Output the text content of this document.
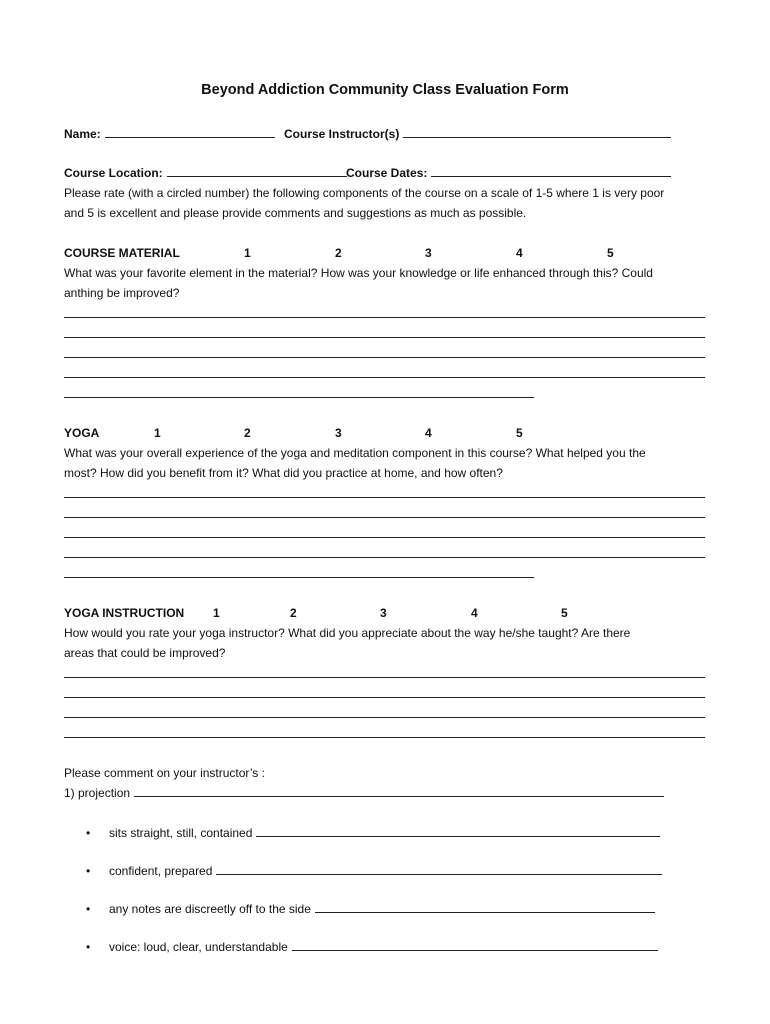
Beyond Addiction Community Class Evaluation Form
Name:	Course Instructor(s)
Course Location:	Course Dates:
Please rate (with a circled number) the following components of the course on a scale of 1-5 where 1 is very poor
and 5 is excellent and please provide comments and suggestions as much as possible.
COURSE MATERIAL	1	2	3	4	5
What was your favorite element in the material? How was your knowledge or life enhanced through this? Could
anthing be improved?
YOGA	1	2	3	4	5
What was your overall experience of the yoga and meditation component in this course? What helped you the
most? How did you benefit from it? What did you practice at home, and how often?
YOGA INSTRUCTION 1	2	3	4	5
How would you rate your yoga instructor? What did you appreciate about the way he/she taught? Are there
areas that could be improved?
Please comment on your instructor’s :
1) projection
• sits straight, still, contained
• confident, prepared
• any notes are discreetly off to the side
• voice: loud, clear, understandable
